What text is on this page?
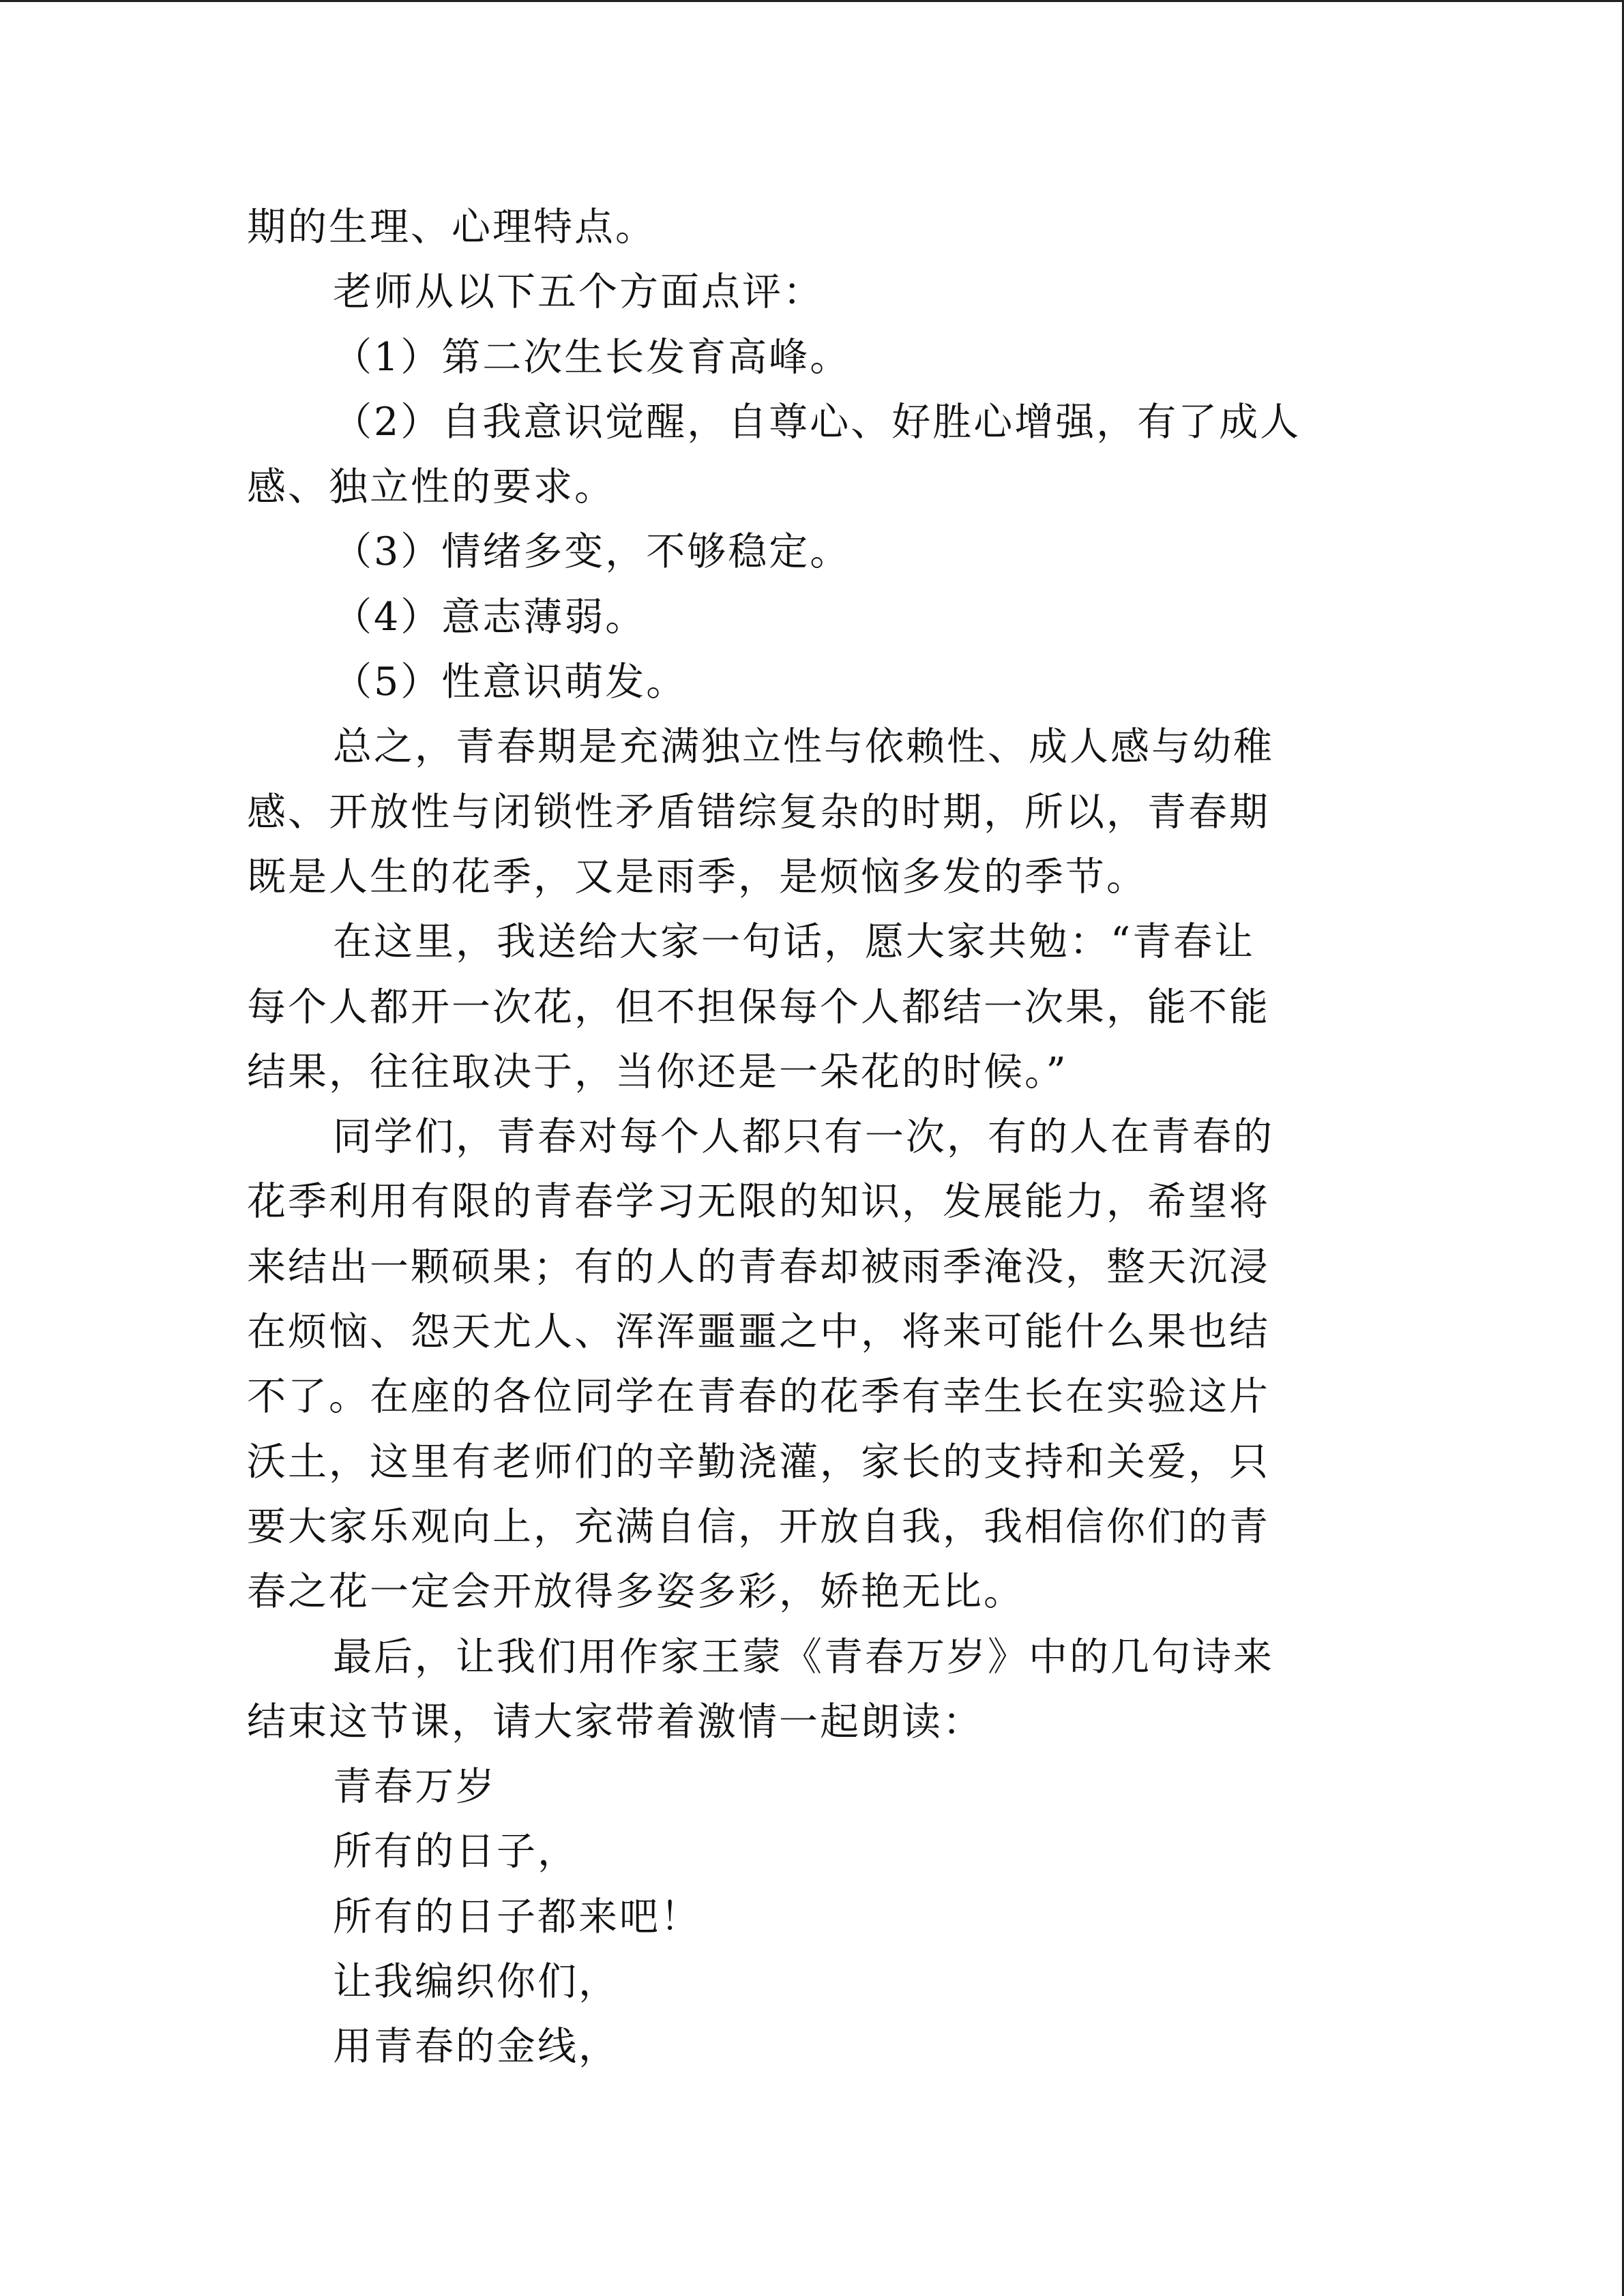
期的生理、心理特点。
老师从以下五个方面点评：
（1）第二次生长发育高峰。
（2）自我意识觉醒，自尊心、好胜心增强，有了成人
感、独立性的要求。
（3）情绪多变，不够稳定。
（4）意志薄弱。
（5）性意识萌发。
总之，青春期是充满独立性与依赖性、成人感与幼稚
感、开放性与闭锁性矛盾错综复杂的时期，所以，青春期
既是人生的花季，又是雨季，是烦恼多发的季节。
在这里，我送给大家一句话，愿大家共勉：“青春让
每个人都开一次花，但不担保每个人都结一次果，能不能
结果，往往取决于，当你还是一朵花的时候。”
同学们，青春对每个人都只有一次，有的人在青春的
花季利用有限的青春学习无限的知识，发展能力，希望将
来结出一颗硕果；有的人的青春却被雨季淹没，整天沉浸
在烦恼、怨天尤人、浑浑噩噩之中，将来可能什么果也结
不了。在座的各位同学在青春的花季有幸生长在实验这片
沃土，这里有老师们的辛勤浇灌，家长的支持和关爱，只
要大家乐观向上，充满自信，开放自我，我相信你们的青
春之花一定会开放得多姿多彩，娇艳无比。
最后，让我们用作家王蒙《青春万岁》中的几句诗来
结束这节课，请大家带着激情一起朗读：
青春万岁
所有的日子，
所有的日子都来吧！
让我编织你们，
用青春的金线，
